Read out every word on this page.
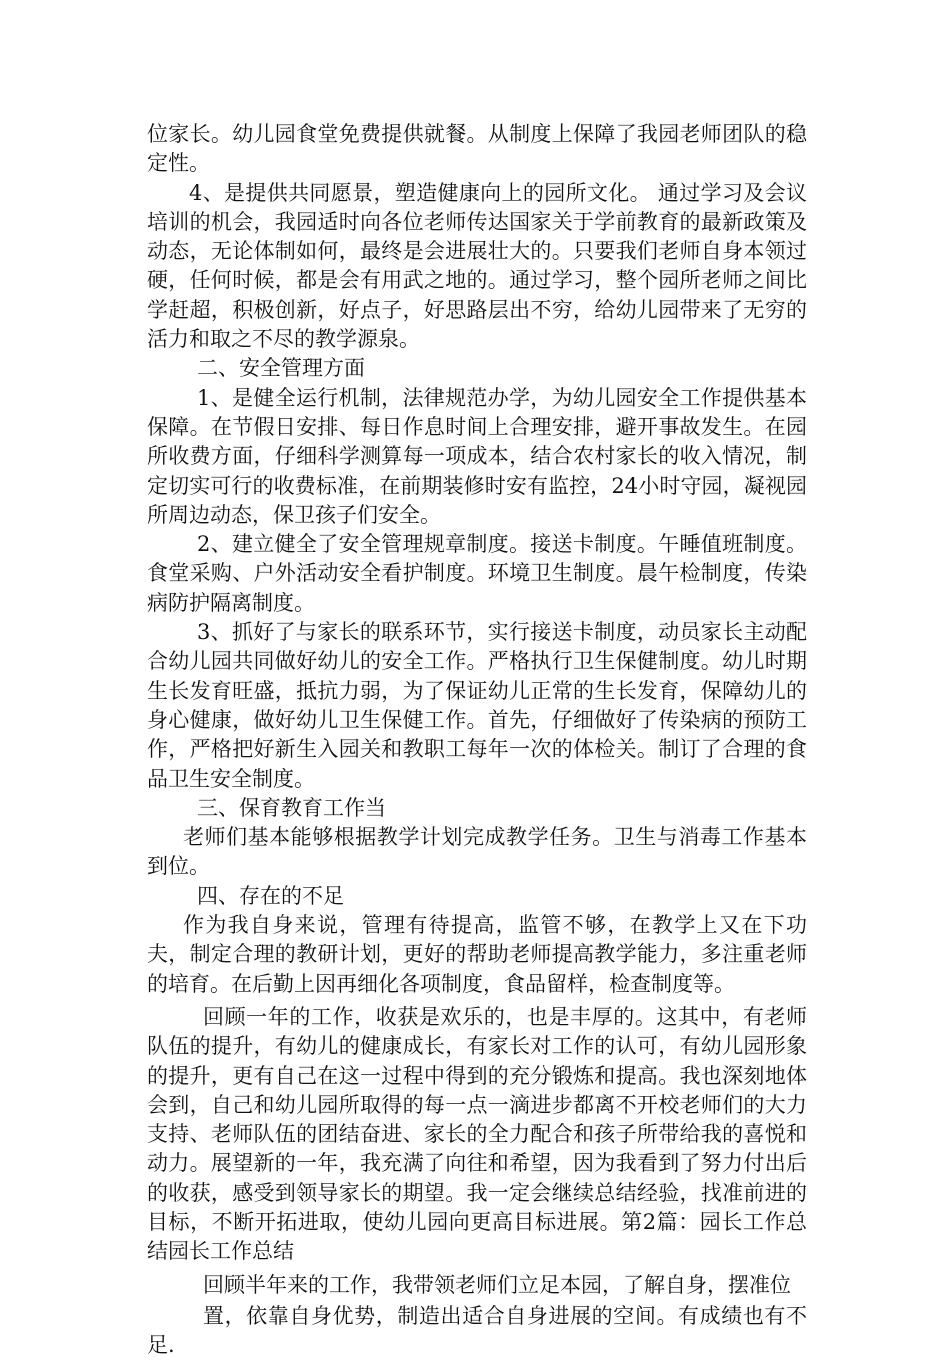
位家长。幼儿园食堂免费提供就餐。从制度上保障了我园老师团队的稳定性。

4、是提供共同愿景，塑造健康向上的园所文化。 通过学习及会议培训的机会，我园适时向各位老师传达国家关于学前教育的最新政策及动态，无论体制如何，最终是会进展壮大的。只要我们老师自身本领过硬，任何时候，都是会有用武之地的。通过学习，整个园所老师之间比学赶超，积极创新，好点子，好思路层出不穷，给幼儿园带来了无穷的活力和取之不尽的教学源泉。

二、安全管理方面

1、是健全运行机制，法律规范办学，为幼儿园安全工作提供基本保障。在节假日安排、每日作息时间上合理安排，避开事故发生。在园所收费方面，仔细科学测算每一项成本，结合农村家长的收入情况，制定切实可行的收费标准，在前期装修时安有监控，24小时守园，凝视园所周边动态，保卫孩子们安全。

2、建立健全了安全管理规章制度。接送卡制度。午睡值班制度。食堂采购、户外活动安全看护制度。环境卫生制度。晨午检制度，传染病防护隔离制度。

3、抓好了与家长的联系环节，实行接送卡制度，动员家长主动配合幼儿园共同做好幼儿的安全工作。严格执行卫生保健制度。幼儿时期生长发育旺盛，抵抗力弱，为了保证幼儿正常的生长发育，保障幼儿的身心健康，做好幼儿卫生保健工作。首先，仔细做好了传染病的预防工作，严格把好新生入园关和教职工每年一次的体检关。制订了合理的食品卫生安全制度。

三、保育教育工作当

老师们基本能够根据教学计划完成教学任务。卫生与消毒工作基本到位。

四、存在的不足

作为我自身来说，管理有待提高，监管不够，在教学上又在下功夫，制定合理的教研计划，更好的帮助老师提高教学能力，多注重老师的培育。在后勤上因再细化各项制度，食品留样，检查制度等。

回顾一年的工作，收获是欢乐的，也是丰厚的。这其中，有老师队伍的提升，有幼儿的健康成长，有家长对工作的认可，有幼儿园形象的提升，更有自己在这一过程中得到的充分锻炼和提高。我也深刻地体会到，自己和幼儿园所取得的每一点一滴进步都离不开校老师们的大力支持、老师队伍的团结奋进、家长的全力配合和孩子所带给我的喜悦和动力。展望新的一年，我充满了向往和希望，因为我看到了努力付出后的收获，感受到领导家长的期望。我一定会继续总结经验，找准前进的目标，不断开拓进取，使幼儿园向更高目标进展。第2篇：园长工作总结园长工作总结

回顾半年来的工作，我带领老师们立足本园，了解自身，摆准位

置，依靠自身优势，制造出适合自身进展的空间。有成绩也有不足.
